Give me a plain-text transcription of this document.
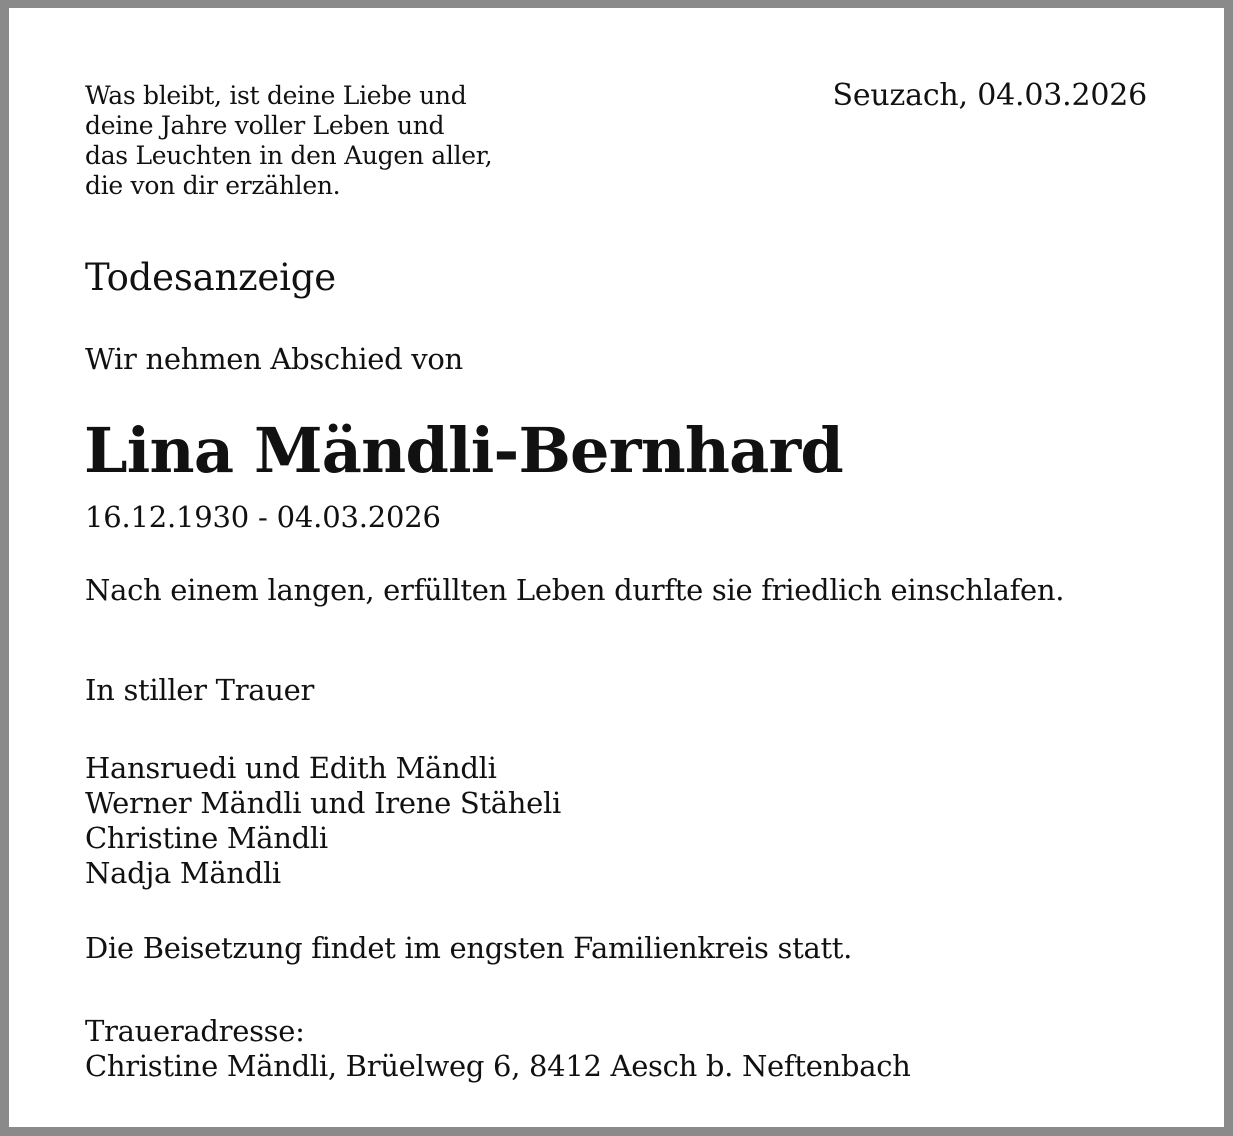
Was bleibt, ist deine Liebe und
deine Jahre voller Leben und
das Leuchten in den Augen aller,
die von dir erzählen.
Seuzach, 04.03.2026
Todesanzeige
Wir nehmen Abschied von
Lina Mändli-Bernhard
16.12.1930 - 04.03.2026
Nach einem langen, erfüllten Leben durfte sie friedlich einschlafen.
In stiller Trauer
Hansruedi und Edith Mändli
Werner Mändli und Irene Stäheli
Christine Mändli
Nadja Mändli
Die Beisetzung findet im engsten Familienkreis statt.
Traueradresse:
Christine Mändli, Brüelweg 6, 8412 Aesch b. Neftenbach
